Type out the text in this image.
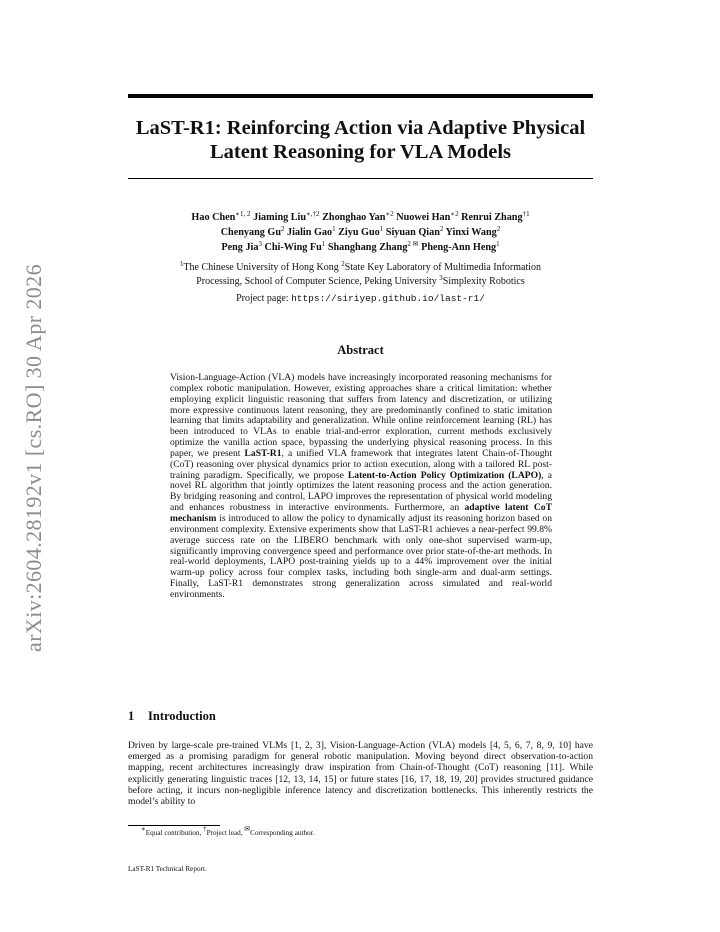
arXiv:2604.28192v1 [cs.RO] 30 Apr 2026
LaST-R1: Reinforcing Action via Adaptive Physical
Latent Reasoning for VLA Models
Hao Chen$^{∗1, 2}$ Jiaming Liu$^{∗,\dagger 2}$ Zhonghao Yan$^{∗2}$ Nuowei Han$^{∗2}$ Renrui Zhang$^{\dagger 1}$
Chenyang Gu$^2$ Jialin Gao$^1$ Ziyu Guo$^1$ Siyuan Qian$^2$ Yinxi Wang$^2$
Peng Jia$^3$ Chi-Wing Fu$^1$ Shanghang Zhang$^{2 ✉}$ Pheng-Ann Heng$^1$
$^1$The Chinese University of Hong Kong $^2$State Key Laboratory of Multimedia Information
Processing, School of Computer Science, Peking University $^3$Simplexity Robotics
Project page: https://siriyep.github.io/last-r1/
Abstract
Vision-Language-Action (VLA) models have increasingly incorporated reasoning mechanisms for complex robotic manipulation. However, existing approaches share a critical limitation: whether employing explicit linguistic reasoning that suffers from latency and discretization, or utilizing more expressive continuous latent reasoning, they are predominantly confined to static imitation learning that limits adaptability and generalization. While online reinforcement learning (RL) has been introduced to VLAs to enable trial-and-error exploration, current methods exclusively optimize the vanilla action space, bypassing the underlying physical reasoning process. In this paper, we present LaST-R1, a unified VLA framework that integrates latent Chain-of-Thought (CoT) reasoning over physical dynamics prior to action execution, along with a tailored RL post-training paradigm. Specifically, we propose Latent-to-Action Policy Optimization (LAPO), a novel RL algorithm that jointly optimizes the latent reasoning process and the action generation. By bridging reasoning and control, LAPO improves the representation of physical world modeling and enhances robustness in interactive environments. Furthermore, an adaptive latent CoT mechanism is introduced to allow the policy to dynamically adjust its reasoning horizon based on environment complexity. Extensive experiments show that LaST-R1 achieves a near-perfect 99.8% average success rate on the LIBERO benchmark with only one-shot supervised warm-up, significantly improving convergence speed and performance over prior state-of-the-art methods. In real-world deployments, LAPO post-training yields up to a 44% improvement over the initial warm-up policy across four complex tasks, including both single-arm and dual-arm settings. Finally, LaST-R1 demonstrates strong generalization across simulated and real-world environments.
1 Introduction
Driven by large-scale pre-trained VLMs [1, 2, 3], Vision-Language-Action (VLA) models [4, 5, 6, 7, 8, 9, 10] have emerged as a promising paradigm for general robotic manipulation. Moving beyond direct observation-to-action mapping, recent architectures increasingly draw inspiration from Chain-of-Thought (CoT) reasoning [11]. While explicitly generating linguistic traces [12, 13, 14, 15] or future states [16, 17, 18, 19, 20] provides structured guidance before acting, it incurs non-negligible inference latency and discretization bottlenecks. This inherently restricts the model’s ability to
∗Equal contribution, †Project lead, ✉Corresponding author.
LaST-R1 Technical Report.
